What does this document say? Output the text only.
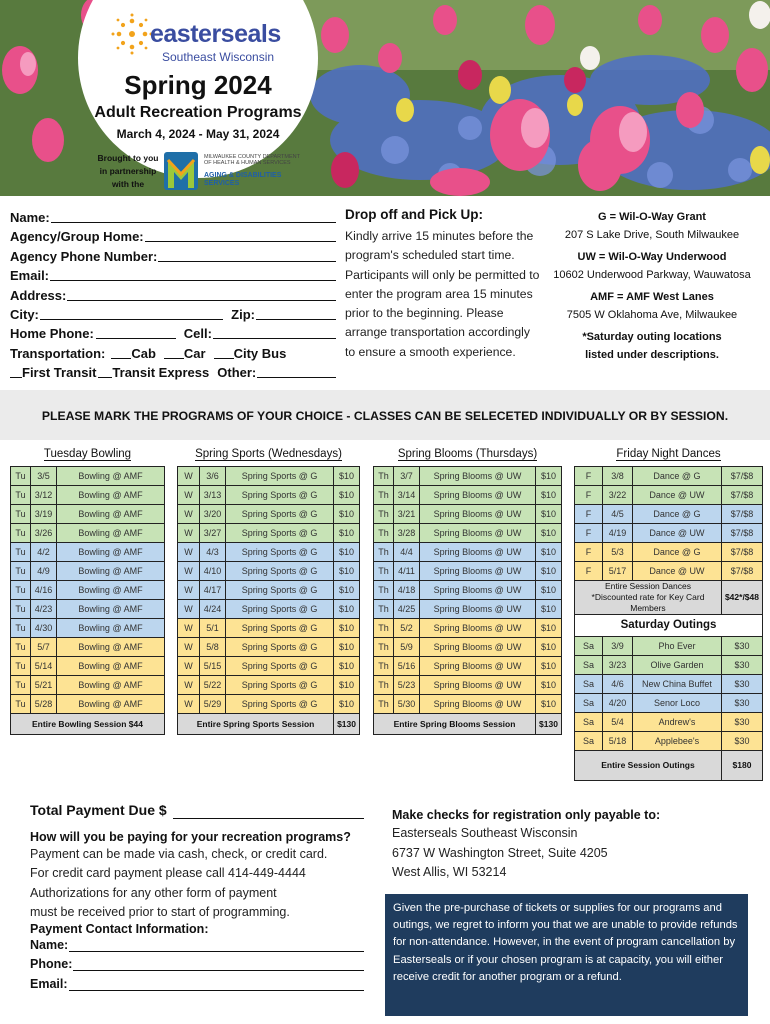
easterseals
Southeast Wisconsin
Spring 2024
Adult Recreation Programs
March 4, 2024 - May 31, 2024
Brought to you
in partnership
with the
MILWAUKEE COUNTY DEPARTMENT OF HEALTH & HUMAN SERVICES
AGING & DISABILITIES SERVICES
Name:
Agency/Group Home:
Agency Phone Number:
Email:
Address:
City:	Zip:
Home Phone:	Cell:
Transportation: Cab Car City Bus
First Transit Transit Express Other:
Drop off and Pick Up:
Kindly arrive 15 minutes before the program's scheduled start time. Participants will only be permitted to enter the program area 15 minutes prior to the beginning. Please arrange transportation accordingly to ensure a smooth experience.
G = Wil-O-Way Grant
207 S Lake Drive, South Milwaukee
UW = Wil-O-Way Underwood
10602 Underwood Parkway, Wauwatosa
AMF = AMF West Lanes
7505 W Oklahoma Ave, Milwaukee
*Saturday outing locations
listed under descriptions.
PLEASE MARK THE PROGRAMS OF YOUR CHOICE - CLASSES CAN BE SELECETED INDIVIDUALLY OR BY SESSION.
Tuesday Bowling		
Tu	3/5	Bowling @ AMF
Tu	3/12	Bowling @ AMF
Tu	3/19	Bowling @ AMF
Tu	3/26	Bowling @ AMF
Tu	4/2	Bowling @ AMF
Tu	4/9	Bowling @ AMF
Tu	4/16	Bowling @ AMF
Tu	4/23	Bowling @ AMF
Tu	4/30	Bowling @ AMF
Tu	5/7	Bowling @ AMF
Tu	5/14	Bowling @ AMF
Tu	5/21	Bowling @ AMF
Tu	5/28	Bowling @ AMF
Entire Bowling Session $44		
Spring Sports (Wednesdays)			
W	3/6	Spring Sports @ G	$10
W	3/13	Spring Sports @ G	$10
W	3/20	Spring Sports @ G	$10
W	3/27	Spring Sports @ G	$10
W	4/3	Spring Sports @ G	$10
W	4/10	Spring Sports @ G	$10
W	4/17	Spring Sports @ G	$10
W	4/24	Spring Sports @ G	$10
W	5/1	Spring Sports @ G	$10
W	5/8	Spring Sports @ G	$10
W	5/15	Spring Sports @ G	$10
W	5/22	Spring Sports @ G	$10
W	5/29	Spring Sports @ G	$10
Entire Spring Sports Session			$130
Spring Blooms (Thursdays)			
Th	3/7	Spring Blooms @ UW	$10
Th	3/14	Spring Blooms @ UW	$10
Th	3/21	Spring Blooms @ UW	$10
Th	3/28	Spring Blooms @ UW	$10
Th	4/4	Spring Blooms @ UW	$10
Th	4/11	Spring Blooms @ UW	$10
Th	4/18	Spring Blooms @ UW	$10
Th	4/25	Spring Blooms @ UW	$10
Th	5/2	Spring Blooms @ UW	$10
Th	5/9	Spring Blooms @ UW	$10
Th	5/16	Spring Blooms @ UW	$10
Th	5/23	Spring Blooms @ UW	$10
Th	5/30	Spring Blooms @ UW	$10
Entire Spring Blooms Session			$130
Friday Night Dances			
F	3/8	Dance @ G	$7/$8
F	3/22	Dance @ UW	$7/$8
F	4/5	Dance @ G	$7/$8
F	4/19	Dance @ UW	$7/$8
F	5/3	Dance @ G	$7/$8
F	5/17	Dance @ UW	$7/$8

Entire Session Dances
*Discounted rate for Key Card Members			$42*/$48
Saturday Outings			
Sa	3/9	Pho Ever	$30
Sa	3/23	Olive Garden	$30
Sa	4/6	New China Buffet	$30
Sa	4/20	Senor Loco	$30
Sa	5/4	Andrew's	$30
Sa	5/18	Applebee's	$30
Entire Session Outings			$180
Total Payment Due $
How will you be paying for your recreation programs?
Payment can be made via cash, check, or credit card.
For credit card payment please call 414-449-4444
Authorizations for any other form of payment
must be received prior to start of programming.
Payment Contact Information:
Name:
Phone:
Email:
Make checks for registration only payable to:
Easterseals Southeast Wisconsin
6737 W Washington Street, Suite 4205
West Allis, WI 53214
Given the pre-purchase of tickets or supplies for our programs and outings, we regret to inform you that we are unable to provide refunds for non-attendance. However, in the event of program cancellation by Easterseals or if your chosen program is at capacity, you will either receive credit for another program or a refund.
